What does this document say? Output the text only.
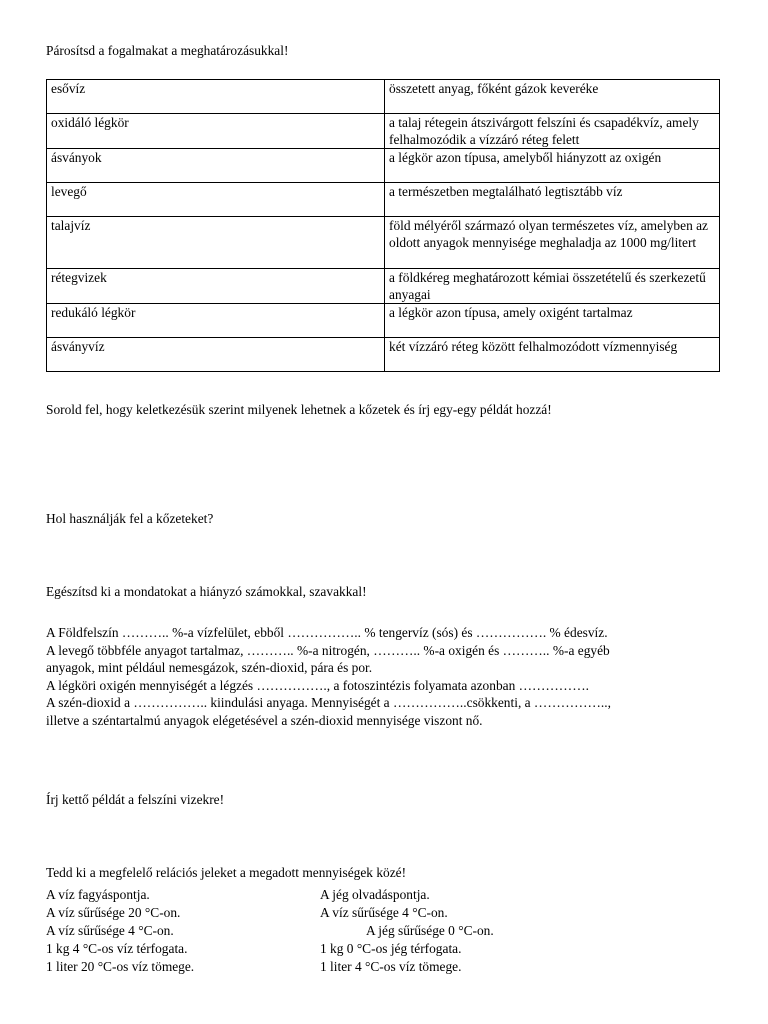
Párosítsd a fogalmakat a meghatározásukkal!

esővíz	összetett anyag, főként gázok keveréke
oxidáló légkör	a talaj rétegein átszivárgott felszíni és csapadékvíz, amely felhalmozódik a vízzáró réteg felett
ásványok	a légkör azon típusa, amelyből hiányzott az oxigén
levegő	a természetben megtalálható legtisztább víz
talajvíz	föld mélyéről származó olyan természetes víz, amelyben az oldott anyagok mennyisége meghaladja az 1000 mg/litert
rétegvizek	a földkéreg meghatározott kémiai összetételű és szerkezetű anyagai
redukáló légkör	a légkör azon típusa, amely oxigént tartalmaz
ásványvíz	két vízzáró réteg között felhalmozódott vízmennyiség

Sorold fel, hogy keletkezésük szerint milyenek lehetnek a kőzetek és írj egy-egy példát hozzá!

Hol használják fel a kőzeteket?

Egészítsd ki a mondatokat a hiányzó számokkal, szavakkal!

A Földfelszín ……….. %-a vízfelület, ebből …………….. % tengervíz (sós) és ……………. % édesvíz.
A levegő többféle anyagot tartalmaz, ……….. %-a nitrogén, ……….. %-a oxigén és ……….. %-a egyéb
anyagok, mint például nemesgázok, szén-dioxid, pára és por.
A légköri oxigén mennyiségét a légzés ……………., a fotoszintézis folyamata azonban …………….
A szén-dioxid a …………….. kiindulási anyaga. Mennyiségét a ……………..csökkenti, a ……………..,
illetve a széntartalmú anyagok elégetésével a szén-dioxid mennyisége viszont nő.

Írj kettő példát a felszíni vizekre!

Tedd ki a megfelelő relációs jeleket a megadott mennyiségek közé!

A víz fagyáspontja.	A jég olvadáspontja.
A víz sűrűsége 20 °C-on.	A víz sűrűsége 4 °C-on.
A víz sűrűsége 4 °C-on.	A jég sűrűsége 0 °C-on.
1 kg 4 °C-os víz térfogata.	1 kg 0 °C-os jég térfogata.
1 liter 20 °C-os víz tömege.	1 liter 4 °C-os víz tömege.
